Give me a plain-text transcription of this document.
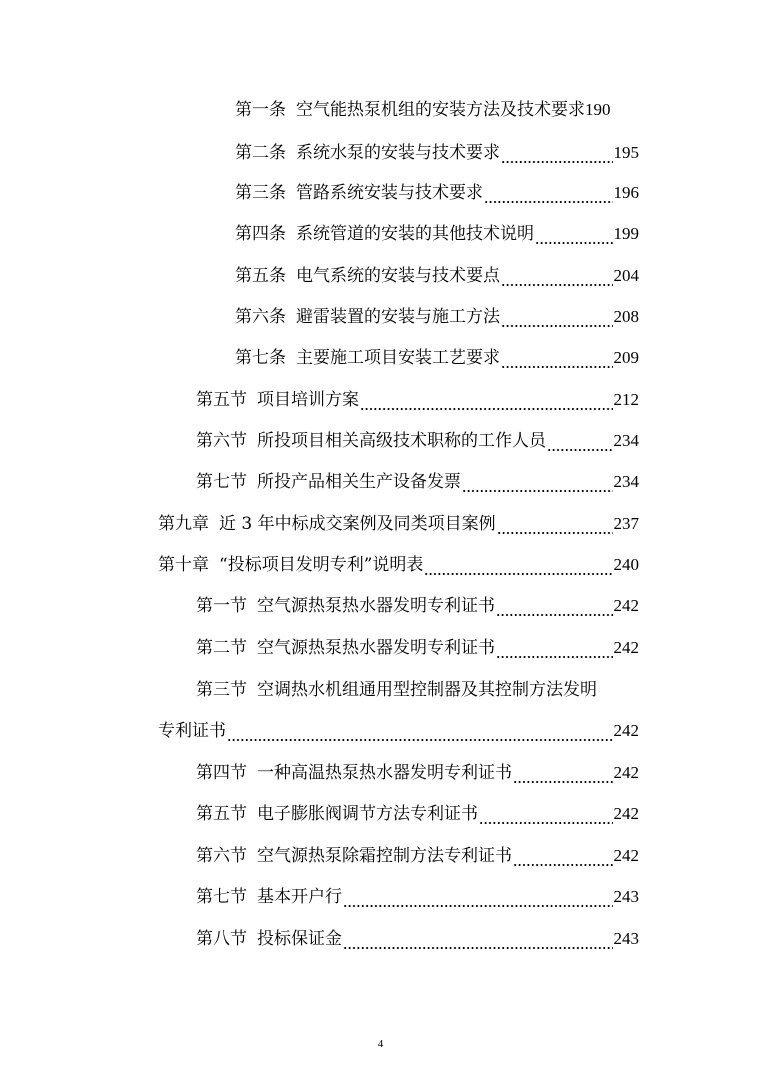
第一条 空气能热泵机组的安装方法及技术要求 190
第二条 系统水泵的安装与技术要求	195
第三条 管路系统安装与技术要求	196
第四条 系统管道的安装的其他技术说明	199
第五条 电气系统的安装与技术要点	204
第六条 避雷装置的安装与施工方法	208
第七条 主要施工项目安装工艺要求	209
第五节 项目培训方案	212
第六节 所投项目相关高级技术职称的工作人员	234
第七节 所投产品相关生产设备发票	234
第九章 近 3 年中标成交案例及同类项目案例	237
第十章 “投标项目发明专利”说明表	240
第一节 空气源热泵热水器发明专利证书	242
第二节 空气源热泵热水器发明专利证书	242
第三节 空调热水机组通用型控制器及其控制方法发明
专利证书	242
第四节 一种高温热泵热水器发明专利证书	242
第五节 电子膨胀阀调节方法专利证书	242
第六节 空气源热泵除霜控制方法专利证书	242
第七节 基本开户行	243
第八节 投标保证金	243
4
